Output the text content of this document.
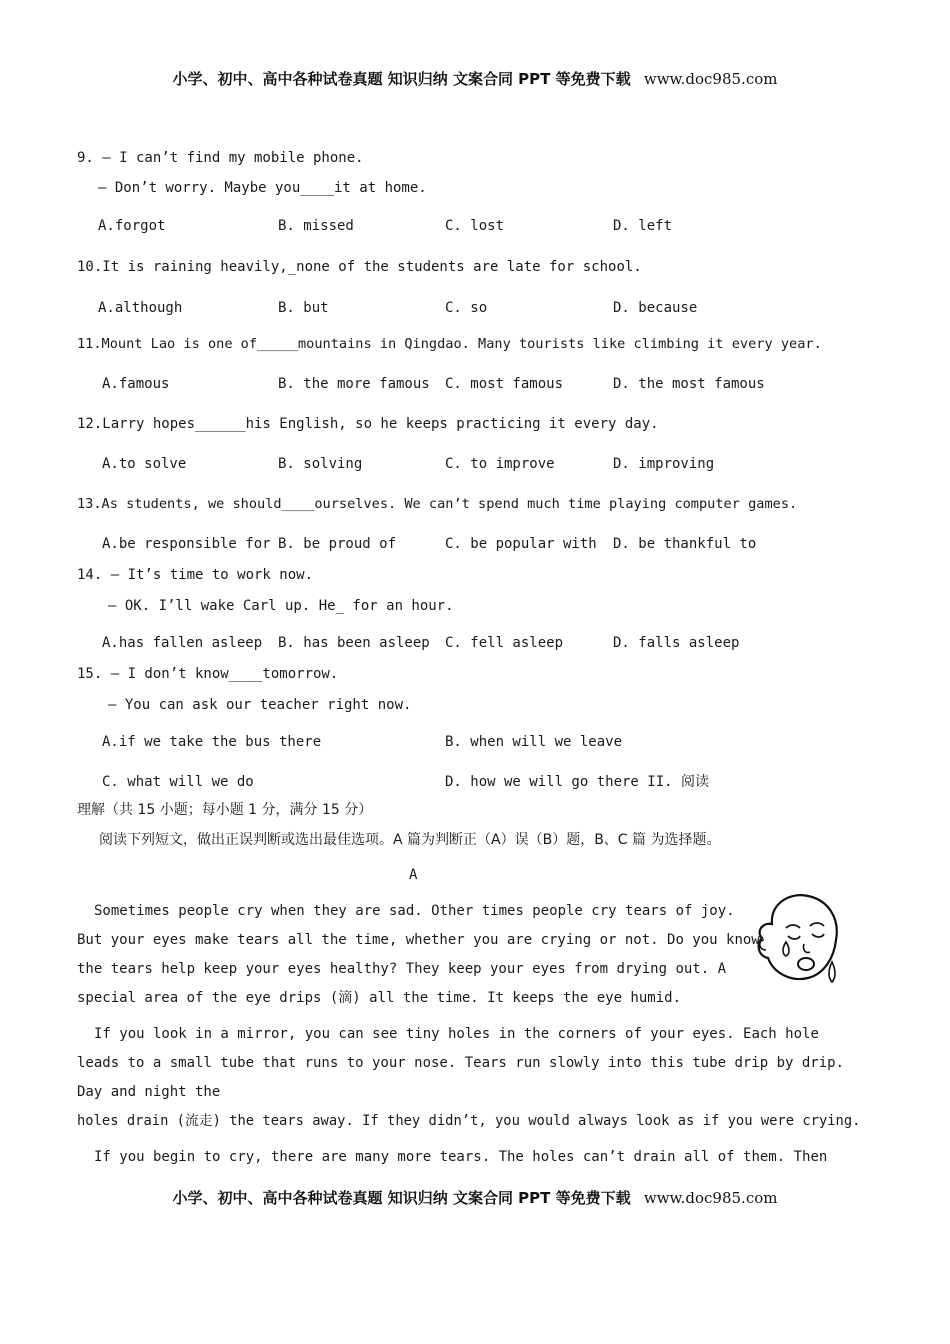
小学、初中、高中各种试卷真题 知识归纳 文案合同 PPT 等免费下载 www.doc985.com
9. — I can’t find my mobile phone.
— Don’t worry. Maybe you____it at home.
A.forgot	B. missed	C. lost	D. left
10.It is raining heavily,_none of the students are late for school.
A.although	B. but	C. so	D. because
11.Mount Lao is one of_____mountains in Qingdao. Many tourists like climbing it every year.
A.famous	B. the more famous C. most famous	D. the most famous
12.Larry hopes______his English, so he keeps practicing it every day.
A.to solve	B. solving	C. to improve	D. improving
13.As students, we should____ourselves. We can’t spend much time playing computer games.
A.be responsible for B. be proud of	C. be popular with D. be thankful to
14. — It’s time to work now.
— OK. I’ll wake Carl up. He_ for an hour.
A.has fallen asleep B. has been asleep C. fell asleep	D. falls asleep
15. — I don’t know____tomorrow.
— You can ask our teacher right now.
A.if we take the bus there	B. when will we leave
C. what will we do	D. how we will go there II. 阅读
理解（共 15 小题；每小题 1 分，满分 15 分）
阅读下列短文，做出正误判断或选出最佳选项。A 篇为判断正（A）误（B）题，B、C 篇 为选择题。
A
Sometimes people cry when they are sad. Other times people cry tears of joy.
But your eyes make tears all the time, whether you are crying or not. Do you know
the tears help keep your eyes healthy? They keep your eyes from drying out. A
special area of the eye drips (滴) all the time. It keeps the eye humid.
If you look in a mirror, you can see tiny holes in the corners of your eyes. Each hole
leads to a small tube that runs to your nose. Tears run slowly into this tube drip by drip.
Day and night the
holes drain (流走) the tears away. If they didn’t, you would always look as if you were crying.
If you begin to cry, there are many more tears. The holes can’t drain all of them. Then
小学、初中、高中各种试卷真题 知识归纳 文案合同 PPT 等免费下载 www.doc985.com
